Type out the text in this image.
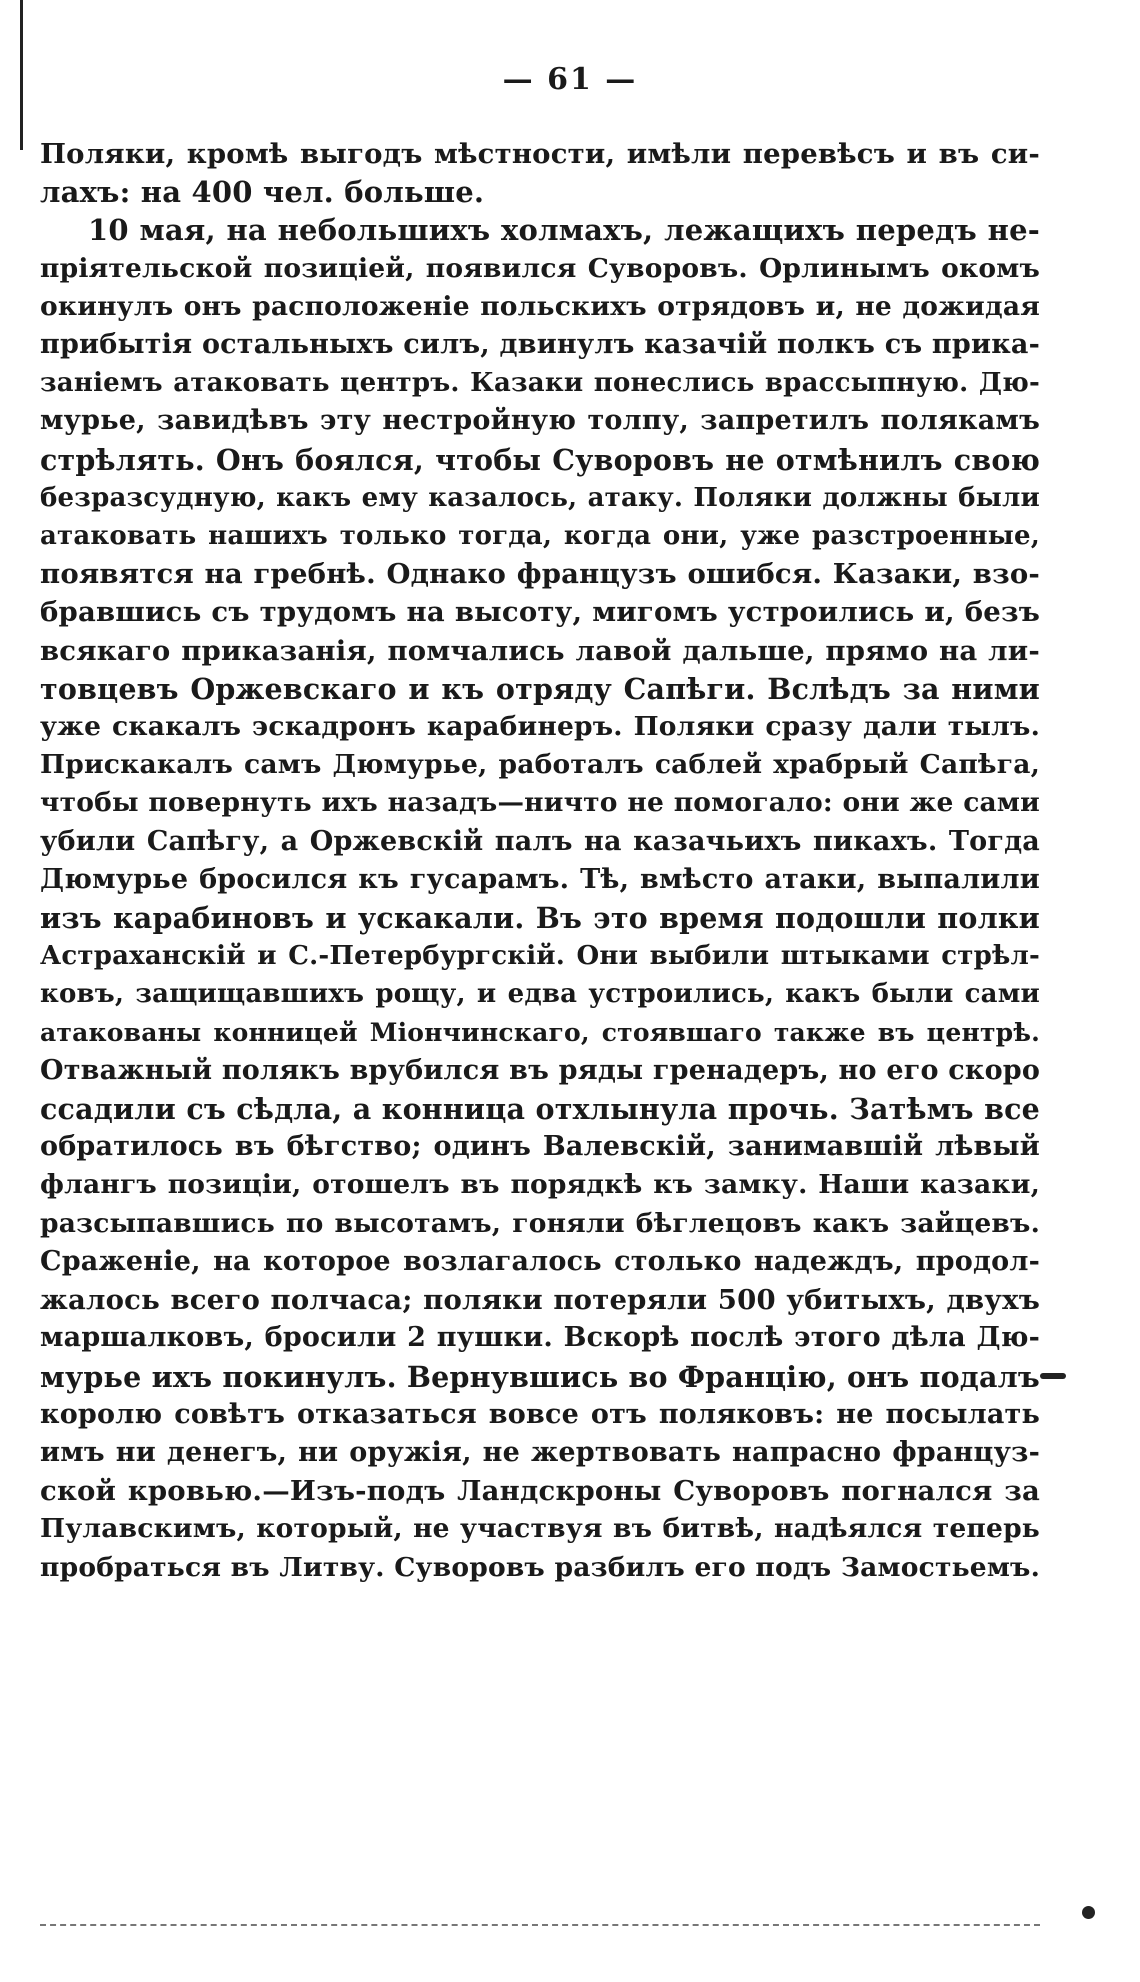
— 61 —
Поляки, кромѣ выгодъ мѣстности, имѣли перевѣсъ и въ си-
лахъ: на 400 чел. больше.
10 мая, на небольшихъ холмахъ, лежащихъ передъ не-
пріятельской позиціей, появился Суворовъ. Орлинымъ окомъ
окинулъ онъ расположеніе польскихъ отрядовъ и, не дожидая
прибытія остальныхъ силъ, двинулъ казачій полкъ съ прика-
заніемъ атаковать центръ. Казаки понеслись врассыпную. Дю-
мурье, завидѣвъ эту нестройную толпу, запретилъ полякамъ
стрѣлять. Онъ боялся, чтобы Суворовъ не отмѣнилъ свою
безразсудную, какъ ему казалось, атаку. Поляки должны были
атаковать нашихъ только тогда, когда они, уже разстроенные,
появятся на гребнѣ. Однако французъ ошибся. Казаки, взо-
бравшись съ трудомъ на высоту, мигомъ устроились и, безъ
всякаго приказанія, помчались лавой дальше, прямо на ли-
товцевъ Оржевскаго и къ отряду Сапѣги. Вслѣдъ за ними
уже скакалъ эскадронъ карабинеръ. Поляки сразу дали тылъ.
Прискакалъ самъ Дюмурье, работалъ саблей храбрый Сапѣга,
чтобы повернуть ихъ назадъ—ничто не помогало: они же сами
убили Сапѣгу, а Оржевскій палъ на казачьихъ пикахъ. Тогда
Дюмурье бросился къ гусарамъ. Тѣ, вмѣсто атаки, выпалили
изъ карабиновъ и ускакали. Въ это время подошли полки
Астраханскій и С.-Петербургскій. Они выбили штыками стрѣл-
ковъ, защищавшихъ рощу, и едва устроились, какъ были сами
атакованы конницей Міончинскаго, стоявшаго также въ центрѣ.
Отважный полякъ врубился въ ряды гренадеръ, но его скоро
ссадили съ сѣдла, а конница отхлынула прочь. Затѣмъ все
обратилось въ бѣгство; одинъ Валевскій, занимавшій лѣвый
флангъ позиціи, отошелъ въ порядкѣ къ замку. Наши казаки,
разсыпавшись по высотамъ, гоняли бѣглецовъ какъ зайцевъ.
Сраженіе, на которое возлагалось столько надеждъ, продол-
жалось всего полчаса; поляки потеряли 500 убитыхъ, двухъ
маршалковъ, бросили 2 пушки. Вскорѣ послѣ этого дѣла Дю-
мурье ихъ покинулъ. Вернувшись во Францію, онъ подалъ
королю совѣтъ отказаться вовсе отъ поляковъ: не посылать
имъ ни денегъ, ни оружія, не жертвовать напрасно француз-
ской кровью.—Изъ-подъ Ландскроны Суворовъ погнался за
Пулавскимъ, который, не участвуя въ битвѣ, надѣялся теперь
пробраться въ Литву. Суворовъ разбилъ его подъ Замостьемъ.
